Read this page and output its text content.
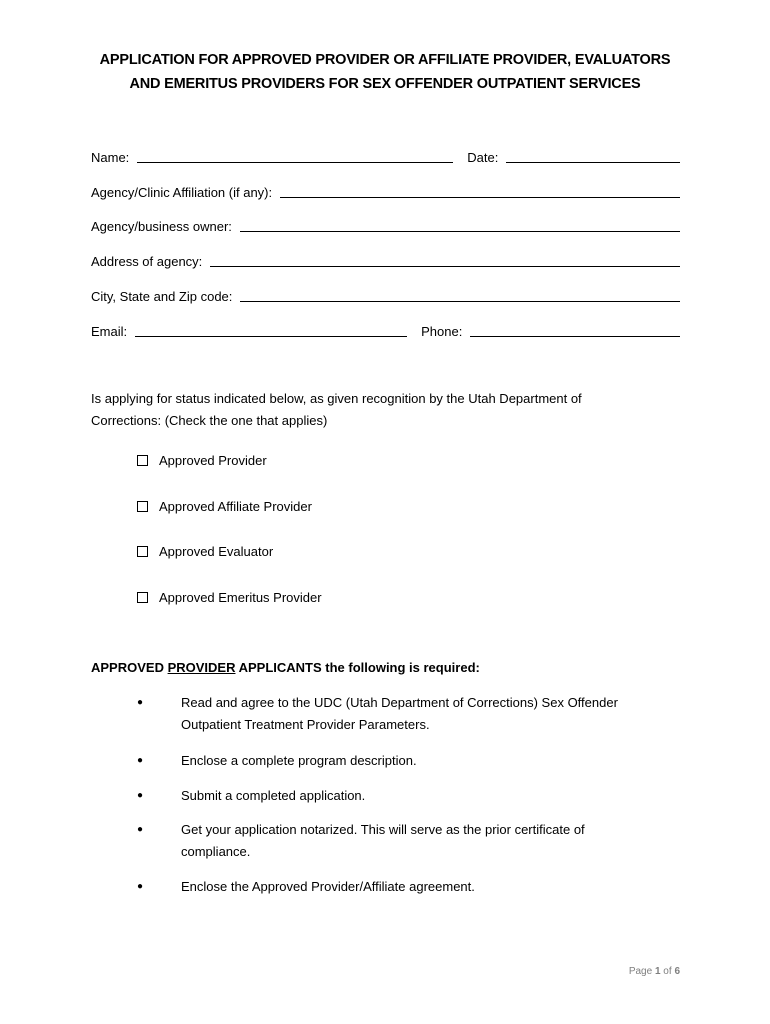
APPLICATION FOR APPROVED PROVIDER OR AFFILIATE PROVIDER, EVALUATORS
AND EMERITUS PROVIDERS FOR SEX OFFENDER OUTPATIENT SERVICES
Name:	Date:
Agency/Clinic Affiliation (if any):
Agency/business owner:
Address of agency:
City, State and Zip code:
Email:	Phone:
Is applying for status indicated below, as given recognition by the Utah Department of
Corrections: (Check the one that applies)
Approved Provider
Approved Affiliate Provider
Approved Evaluator
Approved Emeritus Provider
APPROVED PROVIDER APPLICANTS the following is required:
●	Read and agree to the UDC (Utah Department of Corrections) Sex Offender Outpatient Treatment Provider Parameters.
●	Enclose a complete program description.
●	Submit a completed application.
●	Get your application notarized. This will serve as the prior certificate of compliance.
●	Enclose the Approved Provider/Affiliate agreement.
Page 1 of 6
